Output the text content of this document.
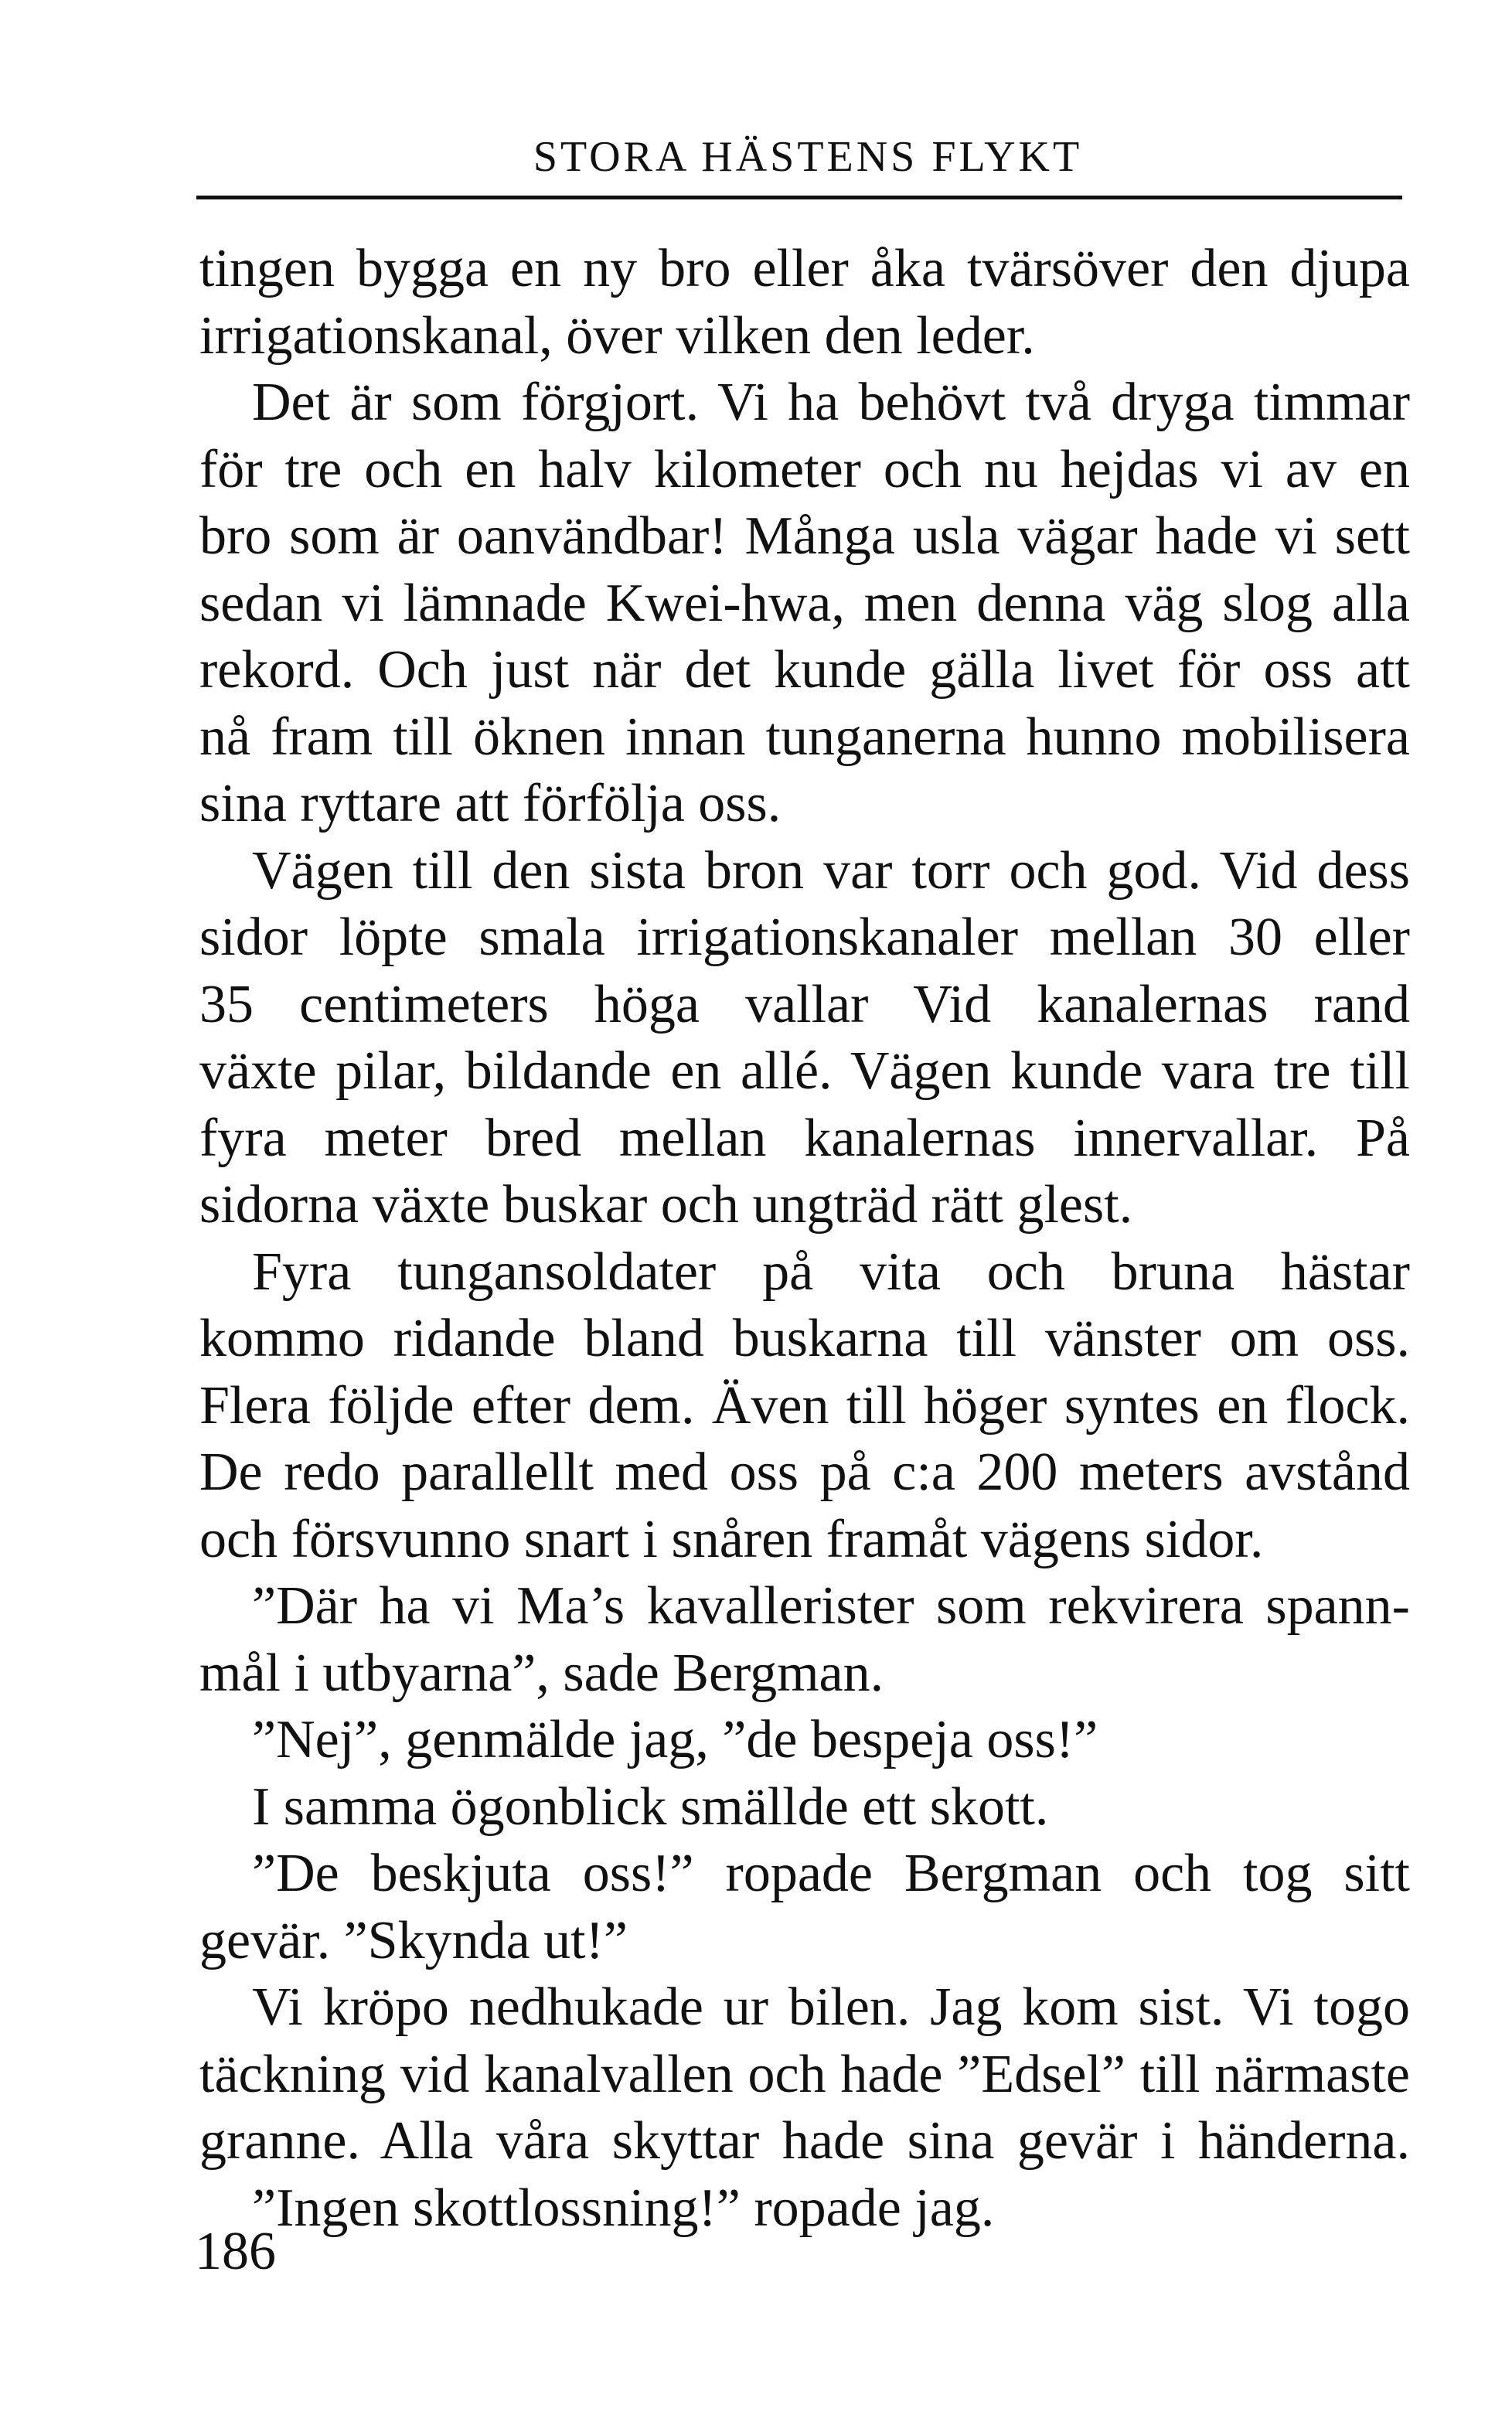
STORA HÄSTENS FLYKT
tingen bygga en ny bro eller åka tvärsöver den djupa
irrigationskanal, över vilken den leder.
Det är som förgjort. Vi ha behövt två dryga timmar
för tre och en halv kilometer och nu hejdas vi av en
bro som är oanvändbar! Många usla vägar hade vi sett
sedan vi lämnade Kwei-hwa, men denna väg slog alla
rekord. Och just när det kunde gälla livet för oss att
nå fram till öknen innan tunganerna hunno mobilisera
sina ryttare att förfölja oss.
Vägen till den sista bron var torr och god. Vid dess
sidor löpte smala irrigationskanaler mellan 30 eller
35 centimeters höga vallar Vid kanalernas rand
växte pilar, bildande en allé. Vägen kunde vara tre till
fyra meter bred mellan kanalernas innervallar. På
sidorna växte buskar och ungträd rätt glest.
Fyra tungansoldater på vita och bruna hästar
kommo ridande bland buskarna till vänster om oss.
Flera följde efter dem. Även till höger syntes en flock.
De redo parallellt med oss på c:a 200 meters avstånd
och försvunno snart i snåren framåt vägens sidor.
”Där ha vi Ma’s kavallerister som rekvirera spann-
mål i utbyarna”, sade Bergman.
”Nej”, genmälde jag, ”de bespeja oss!”
I samma ögonblick smällde ett skott.
”De beskjuta oss!” ropade Bergman och tog sitt
gevär. ”Skynda ut!”
Vi kröpo nedhukade ur bilen. Jag kom sist. Vi togo
täckning vid kanalvallen och hade ”Edsel” till närmaste
granne. Alla våra skyttar hade sina gevär i händerna.
”Ingen skottlossning!” ropade jag.
186
